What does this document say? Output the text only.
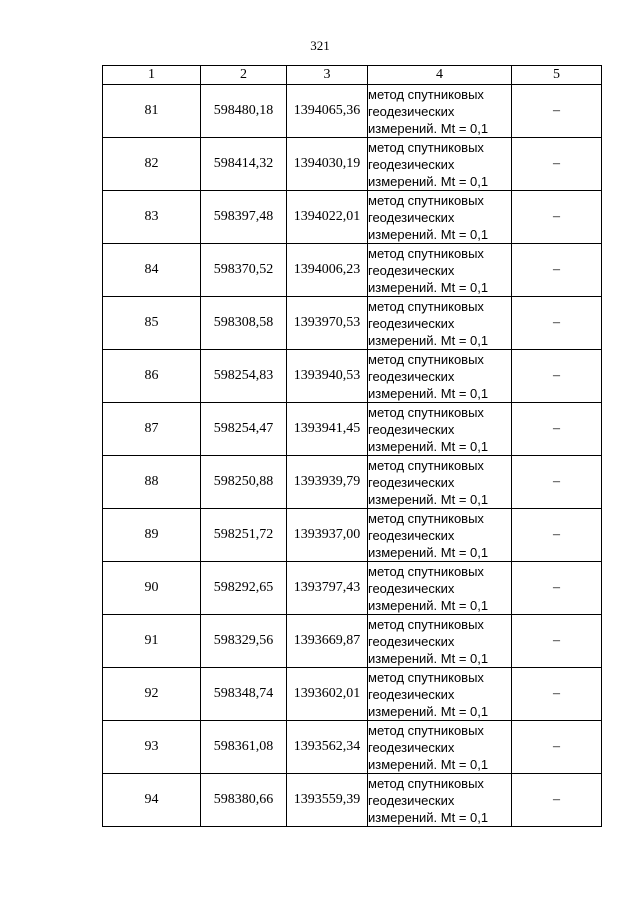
321
1	2	3	4	5
81	598480,18	1394065,36	метод спутниковых
геодезических
измерений. Mt = 0,1	–
82	598414,32	1394030,19	метод спутниковых
геодезических
измерений. Mt = 0,1	–
83	598397,48	1394022,01	метод спутниковых
геодезических
измерений. Mt = 0,1	–
84	598370,52	1394006,23	метод спутниковых
геодезических
измерений. Mt = 0,1	–
85	598308,58	1393970,53	метод спутниковых
геодезических
измерений. Mt = 0,1	–
86	598254,83	1393940,53	метод спутниковых
геодезических
измерений. Mt = 0,1	–
87	598254,47	1393941,45	метод спутниковых
геодезических
измерений. Mt = 0,1	–
88	598250,88	1393939,79	метод спутниковых
геодезических
измерений. Mt = 0,1	–
89	598251,72	1393937,00	метод спутниковых
геодезических
измерений. Mt = 0,1	–
90	598292,65	1393797,43	метод спутниковых
геодезических
измерений. Mt = 0,1	–
91	598329,56	1393669,87	метод спутниковых
геодезических
измерений. Mt = 0,1	–
92	598348,74	1393602,01	метод спутниковых
геодезических
измерений. Mt = 0,1	–
93	598361,08	1393562,34	метод спутниковых
геодезических
измерений. Mt = 0,1	–
94	598380,66	1393559,39	метод спутниковых
геодезических
измерений. Mt = 0,1	–
